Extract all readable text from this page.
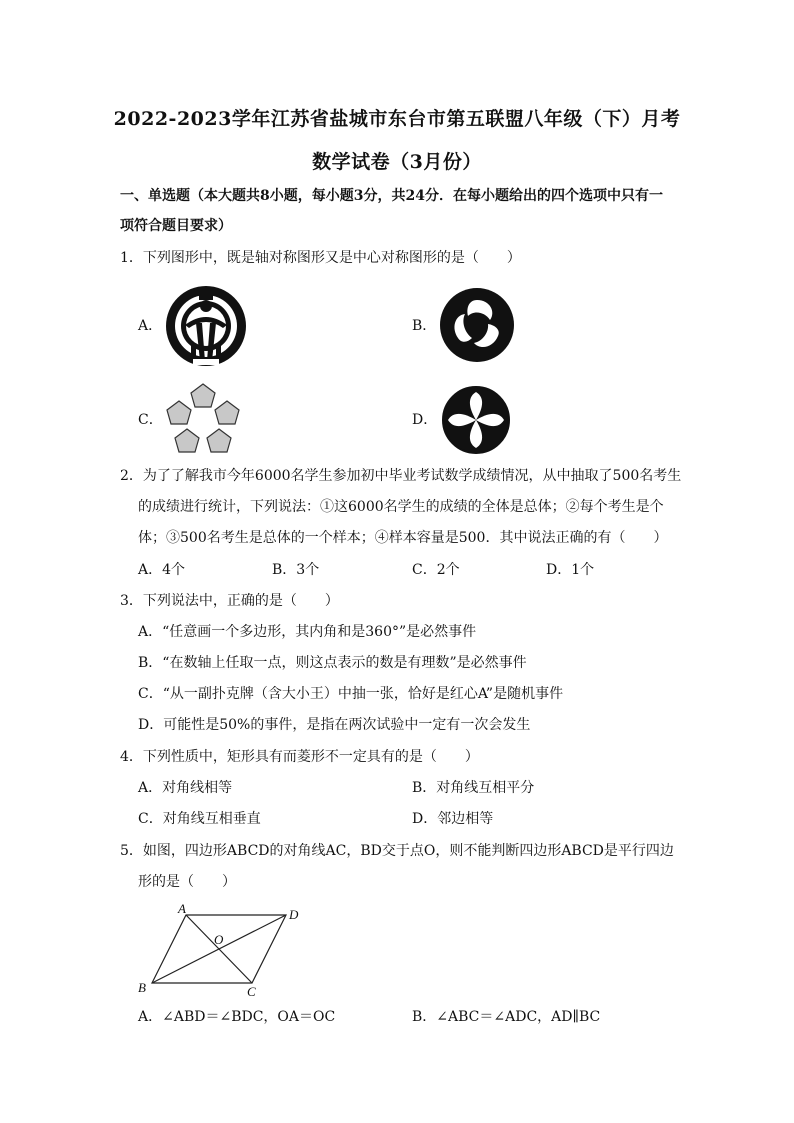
2022-2023学年江苏省盐城市东台市第五联盟八年级（下）月考
数学试卷（3月份）
一、单选题（本大题共8小题，每小题3分，共24分．在每小题给出的四个选项中只有一
项符合题目要求）
1．下列图形中，既是轴对称图形又是中心对称图形的是（　　）
A．	B．
C．	D．
2．为了了解我市今年6000名学生参加初中毕业考试数学成绩情况，从中抽取了500名考生
的成绩进行统计，下列说法：①这6000名学生的成绩的全体是总体；②每个考生是个
体；③500名考生是总体的一个样本；④样本容量是500．其中说法正确的有（　　）
A．4个	B．3个	C．2个	D．1个
3．下列说法中，正确的是（　　）
A．“任意画一个多边形，其内角和是360°”是必然事件
B．“在数轴上任取一点，则这点表示的数是有理数”是必然事件
C．“从一副扑克牌（含大小王）中抽一张，恰好是红心A”是随机事件
D．可能性是50%的事件，是指在两次试验中一定有一次会发生
4．下列性质中，矩形具有而菱形不一定具有的是（　　）
A．对角线相等	B．对角线互相平分
C．对角线互相垂直	D．邻边相等
5．如图，四边形ABCD的对角线AC，BD交于点O，则不能判断四边形ABCD是平行四边
形的是（　　）
A	D
B	C
O
A．∠ABD＝∠BDC，OA＝OC	B．∠ABC＝∠ADC，AD∥BC
